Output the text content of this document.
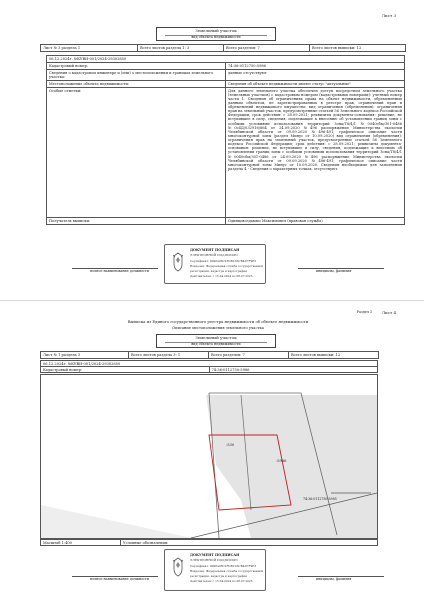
Лист 3
Земельный участок
вид объекта недвижимости
Лист № 3 раздела 1	Всего листов раздела 1: 3	Всего разделов: 7	Всего листов выписки: 12
06.12.2024г. №КУВИ-001/2024-29302850	
Кадастровый номер:	74:36:0112750:5986
Сведения о кадастровом инженере и (или) о местоположении и границах земельного участка:	данные отсутствуют
Местоположение объекта недвижимости:	Сведения об объекте недвижимости имеют статус "актуальные"
Особые отметки:	Для данного земельного участка обеспечен доступ посредством земельного участка (земельных участков) с кадастровым номером (кадастровыми номерами): учетный номер части 1. Сведения об ограничениях права на объект недвижимости, обремененных данным объектом, не зарегистрированных в реестре прав, ограничений прав и обременений недвижимого имущества: вид ограничения (обременения): ограничения прав на земельный участок, предусмотренные статьей 56 Земельного кодекса Российской Федерации; срок действия: с 28.09.2021; реквизиты документа-основания: решение, не вступившее в силу, сведения, подлежащие к внесению об установлении границ зоны с особыми условиями использования территорий Зона/Т8/4/1 №0040сбм/З01-0486 №0с4Д/032916/864 от 24.09.2020 №496 распоряжение Министерства экологии Челябинской области от 09.09.2020 №496-491; графическое описание части многоконтурной зоны (раздел Минус от 10.09.2020) вид ограничения (обременения): ограничения прав на земельный участок, предусмотренные статьей 56 Земельного кодекса Российской Федерации; срок действия: с 28.09.2021; реквизиты документа-основания: решение, не вступившее в силу, сведения, подлежащие к внесению об установлении границ зоны с особыми условиями использования территорий Зона/Т8/4/1 №0040сбм/З01-0486 от 24.09.2020 №496 распоряжение Министерства экологии Челябинской области от 09.09.2020 №496-491; графическое описание части многоконтурной зоны Минус от 10.09.2020. Сведения необходимые для заполнения раздела 4 - Сведения о характерных точках, отсутствуют.
Получатель выписки:	Одинцовоздаммо Максимович (правовая служба)
полное наименование должности	инициалы, фамилия
ДОКУМЕНТ ПОДПИСАН
ЭЛЕКТРОННОЙ ПОДПИСЬЮ
Сертификат: 0098A06C2FDB1D5CB4D7F9E3
Владелец: Федеральная служба государственной
регистрации, кадастра и картографии
Действителен: с 15.04.2024 по 08.07.2025
Раздел 3 Лист 4
Выписка из Единого государственного реестра недвижимости об объекте недвижимости
Описание местоположения земельного участка
Земельный участок
вид объекта недвижимости
Лист № 1 раздела 3	Всего листов раздела 3: 1	Всего разделов: 7	Всего листов выписки: 12
06.12.2024г. №КУВИ-001/2024-29302850
Кадастровый номер:	74:36:0112750:5986
:530
:5986
74:36:0112750:5985
Масштаб 1:400	Условные обозначения:
полное наименование должности	инициалы, фамилия
ДОКУМЕНТ ПОДПИСАН
ЭЛЕКТРОННОЙ ПОДПИСЬЮ
Сертификат: 0098A06C2FDB1D5CB4D7F9E3
Владелец: Федеральная служба государственной
регистрации, кадастра и картографии
Действителен: с 15.04.2024 по 08.07.2025
